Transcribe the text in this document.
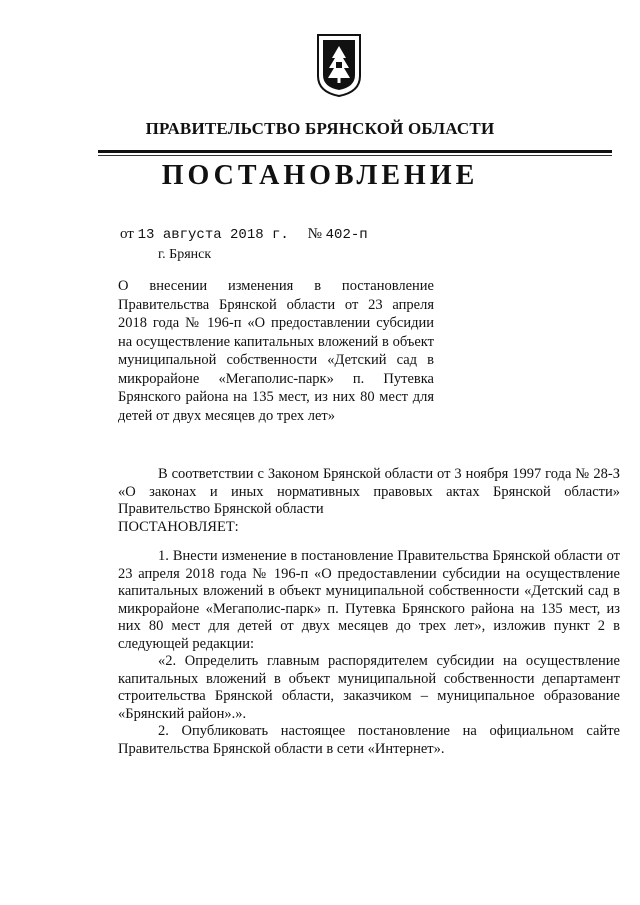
ПРАВИТЕЛЬСТВО БРЯНСКОЙ ОБЛАСТИ
ПОСТАНОВЛЕНИЕ
от 13 августа 2018 г. № 402-п
г. Брянск
О внесении изменения в постановление Правительства Брянской области от 23 апреля 2018 года № 196-п «О предоставлении субсидии на осуществление капитальных вложений в объект муниципальной собственности «Детский сад в микрорайоне «Мегаполис-парк» п. Путевка Брянского района на 135 мест, из них 80 мест для детей от двух месяцев до трех лет»

В соответствии с Законом Брянской области от 3 ноября 1997 года № 28-З «О законах и иных нормативных правовых актах Брянской области» Правительство Брянской области

ПОСТАНОВЛЯЕТ:

1. Внести изменение в постановление Правительства Брянской области от 23 апреля 2018 года № 196-п «О предоставлении субсидии на осуществление капитальных вложений в объект муниципальной собственности «Детский сад в микрорайоне «Мегаполис-парк» п. Путевка Брянского района на 135 мест, из них 80 мест для детей от двух месяцев до трех лет», изложив пункт 2 в следующей редакции:

«2. Определить главным распорядителем субсидии на осуществление капитальных вложений в объект муниципальной собственности департамент строительства Брянской области, заказчиком – муниципальное образование «Брянский район».».

2. Опубликовать настоящее постановление на официальном сайте Правительства Брянской области в сети «Интернет».
